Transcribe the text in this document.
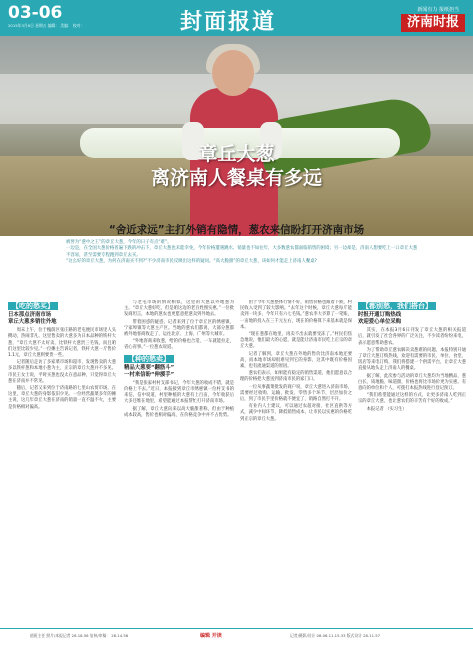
03-06
2015年3月6日 星期五 编辑： 美编： 校对：	封面报道	新闻有力 报纸担当
济南时报
章丘大葱
离济南人餐桌有多远
“舍近求远”主打外销有隐情，葱农来信盼打开济南市场

被誉为“葱中之王”的章丘大葱，今年的日子有点“难”。

一边是，在全国大葱价格普遍下跌的冲击下，章丘大葱也未能幸免，今年价格遭遇跳水，销量也不如往年，大多数葱农都面临销售的困境；另一边却是，济南人想要吃上一口章丘大葱不容易，甚至需要专程跑到章丘去买。

“这么好的章丘大葱，为何在济南买不到?”不少济南市民反映出这样的疑问。“高大脆甜”的章丘大葱，该如何才能走上济南人餐桌?

【吃的愁买】
日本那点济南市场
章丘大葱多销往外地

周末上午，位于槐荫区张庄路的老屯便民市场里人头攒动，热闹非凡。这里售卖的大葱多为日本品种的铁杆大葱，“章丘大葱不太好卖，比铁杆大葱贵三毛钱，而且咱们这里比较少见。”一位摊主告诉记者，铁杆大葱一斤售价1.1元，章丘大葱则要贵一些。

记者随后走访了多家菜市场和超市，发现售卖的大葱多以铁杆葱和本地小葱为主，正宗的章丘大葱并不多见。市民王女士说，平时买葱也没太在意品种，只觉得章丘大葱在济南并不常见。

随后，记者又来到位于济南路的七里山农贸市场，在这里，章丘大葱的身影依旧少见。一位经营蔬菜多年的摊主说，这几年章丘大葱在济南的销量一直不温不火，主要是价格相对偏高。

与老屯市场的情况相似，这里的大葱以外地葱为主。“章丘大葱好吃，但是咱这边的老百姓图实惠。”一位批发商坦言，本地的葱农也更愿意把葱卖到外地去。

带着困惑的疑惑，记者来到了位于章丘区的绣惠镇、宁家埠镇等大葱主产区。当地的葱农们都说，大部分葱都被外地客商收走了，运往北京、上海、广州等大城市。

“外地客商来收葱，给的价格也合适，一车就能拉走，省心省事。”一位葱农说道。

【种的愁卖】
精品大葱要“翻筋斗”
一村来信盼“伸援手”

“我是张家村村支部书记，今年大葱的收成不错，就是价格上不去。”近日，本报接到章丘市绣惠镇一位村支书的来信，信中说道，村里种植的大葱有上百亩，今年收获后大多还堆在地里，希望能通过本报帮忙打开济南市场。

据了解，章丘大葱向来以高大脆甜著称，但由于种植成本较高，售价也相对偏高，在价格竞争中并不占优势。

由于今年大葱整体行情不好，销售价格也跟着下跌，村民收入受到了较大影响。“去年这个时候，章丘大葱每斤能卖到一块多，今年只有六七毛钱。”葱农李大爷算了一笔账，一亩地的投入在三千元左右，现在的价格算下来基本就是保本。

“现在葱都在地里，再卖不出去就要受冻了。”村民们焦急地说，他们最大的心愿，就是能让济南市民吃上正宗的章丘大葱。

记者了解到，章丘大葱在外地的售价比济南本地还要高，而本地市场却很难见到它的身影，这其中既有价格因素，也有流通渠道的原因。

葱农们表示，如果能有稳定的销售渠道，他们愿意以合理的价格把大葱送到济南市民的家门口。

一位从事蔬菜批发的商户说，章丘大葱进入济南市场，需要经过收购、运输、批发、零售多个环节，层层加价之后，到了市民手里价格就不便宜了，销路自然打不开。

有业内人士建议，可以通过农超对接、社区直供等方式，减少中间环节，降低销售成本，让市民以实惠的价格吃到正宗的章丘大葱。

【都别愁，我们搭台】
时报开通订购热线
欢迎爱心单位采购

其实，在本报3月6日刊发了章丘大葱的相关报道后，就引发了社会各界的广泛关注，不少读者纷纷来电，表示愿意帮助葱农。

为了帮助章丘葱农解决卖葱难的问题，本报特别开通了章丘大葱订购热线，欢迎有需要的市民、单位、食堂、饭店等来电订购，我们将搭建一个供需平台，让章丘大葱直接从地头走上济南人的餐桌。

据了解，此次参与活动的章丘大葱均为当地精品，葱白长、质地脆、味道甜，价格也将比市场价更为实惠。有意向的单位和个人，可拨打本报热线进行登记预订。

“我们希望能通过这样的方式，让更多济南人吃到正宗的章丘大葱，也让葱农们的辛苦有个好的收成。”

本报记者 （实习生）

值班主任 照片/本报记者 28.18.56 复核/审稿： 28.14.56	编辑 开读	记者/摄影/设计 08.06.11.15.33 版式设计 28.11.57
